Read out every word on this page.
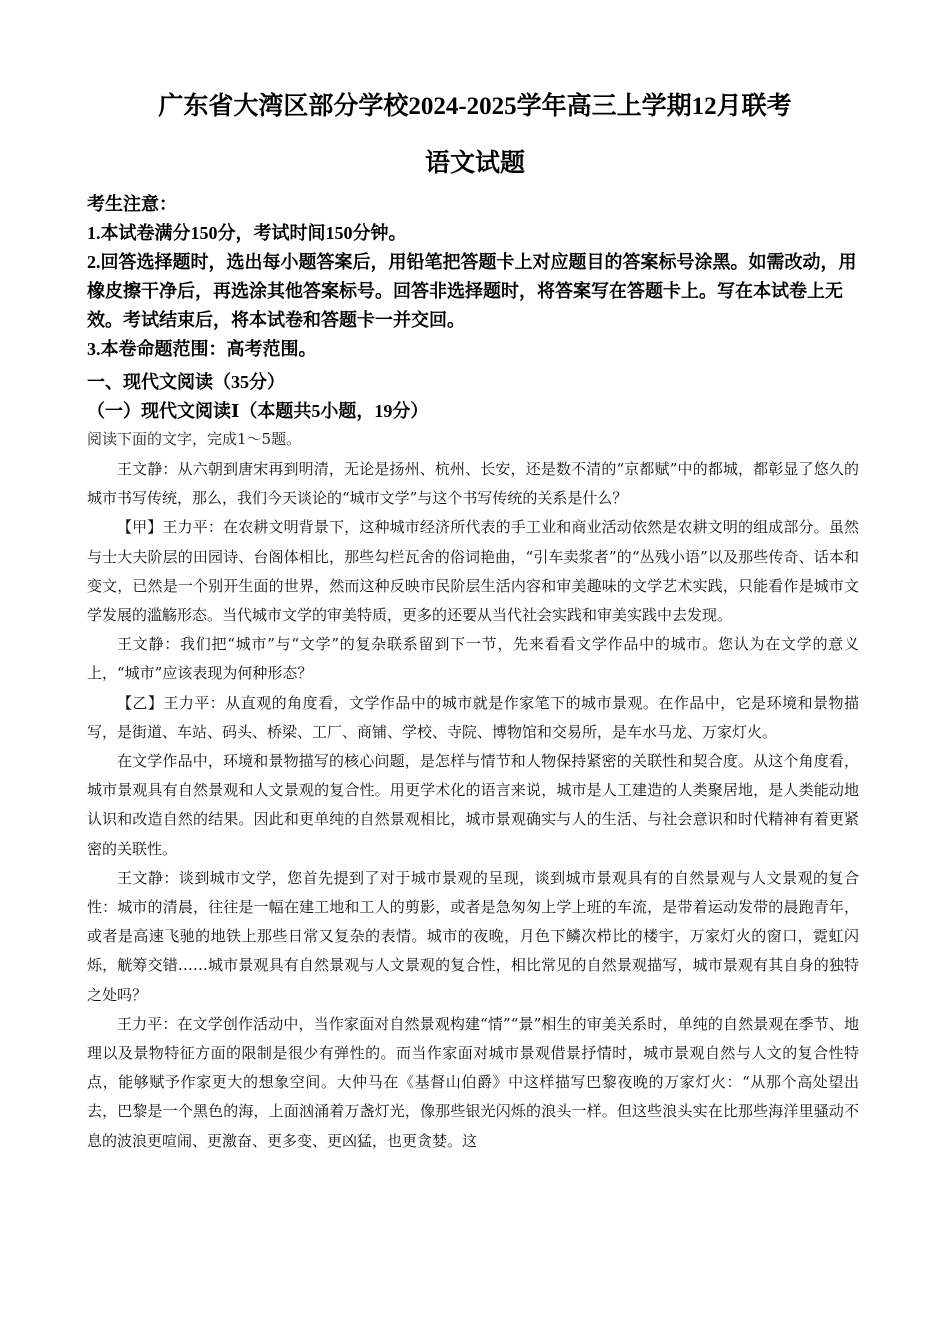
广东省大湾区部分学校2024-2025学年高三上学期12月联考
语文试题

考生注意：

1.本试卷满分150分，考试时间150分钟。

2.回答选择题时，选出每小题答案后，用铅笔把答题卡上对应题目的答案标号涂黑。如需改动，用橡皮擦干净后，再选涂其他答案标号。回答非选择题时，将答案写在答题卡上。写在本试卷上无效。考试结束后，将本试卷和答题卡一并交回。

3.本卷命题范围：高考范围。

一、现代文阅读（35分）
（一）现代文阅读Ⅰ（本题共5小题，19分）
阅读下面的文字，完成1～5题。

王文静：从六朝到唐宋再到明清，无论是扬州、杭州、长安，还是数不清的“京都赋”中的都城，都彰显了悠久的城市书写传统，那么，我们今天谈论的“城市文学”与这个书写传统的关系是什么？

【甲】王力平：在农耕文明背景下，这种城市经济所代表的手工业和商业活动依然是农耕文明的组成部分。虽然与士大夫阶层的田园诗、台阁体相比，那些勾栏瓦舍的俗词艳曲，“引车卖浆者”的“丛残小语”以及那些传奇、话本和变文，已然是一个别开生面的世界，然而这种反映市民阶层生活内容和审美趣味的文学艺术实践，只能看作是城市文学发展的滥觞形态。当代城市文学的审美特质，更多的还要从当代社会实践和审美实践中去发现。

王文静：我们把“城市”与“文学”的复杂联系留到下一节，先来看看文学作品中的城市。您认为在文学的意义上，“城市”应该表现为何种形态？

【乙】王力平：从直观的角度看，文学作品中的城市就是作家笔下的城市景观。在作品中，它是环境和景物描写，是街道、车站、码头、桥梁、工厂、商铺、学校、寺院、博物馆和交易所，是车水马龙、万家灯火。

在文学作品中，环境和景物描写的核心问题，是怎样与情节和人物保持紧密的关联性和契合度。从这个角度看，城市景观具有自然景观和人文景观的复合性。用更学术化的语言来说，城市是人工建造的人类聚居地，是人类能动地认识和改造自然的结果。因此和更单纯的自然景观相比，城市景观确实与人的生活、与社会意识和时代精神有着更紧密的关联性。

王文静：谈到城市文学，您首先提到了对于城市景观的呈现，谈到城市景观具有的自然景观与人文景观的复合性：城市的清晨，往往是一幅在建工地和工人的剪影，或者是急匆匆上学上班的车流，是带着运动发带的晨跑青年，或者是高速飞驰的地铁上那些日常又复杂的表情。城市的夜晚，月色下鳞次栉比的楼宇，万家灯火的窗口，霓虹闪烁，觥筹交错……城市景观具有自然景观与人文景观的复合性，相比常见的自然景观描写，城市景观有其自身的独特之处吗？

王力平：在文学创作活动中，当作家面对自然景观构建“情”“景”相生的审美关系时，单纯的自然景观在季节、地理以及景物特征方面的限制是很少有弹性的。而当作家面对城市景观借景抒情时，城市景观自然与人文的复合性特点，能够赋予作家更大的想象空间。大仲马在《基督山伯爵》中这样描写巴黎夜晚的万家灯火：“从那个高处望出去，巴黎是一个黑色的海，上面汹涌着万盏灯光，像那些银光闪烁的浪头一样。但这些浪头实在比那些海洋里骚动不息的波浪更喧闹、更激奋、更多变、更凶猛，也更贪婪。这
